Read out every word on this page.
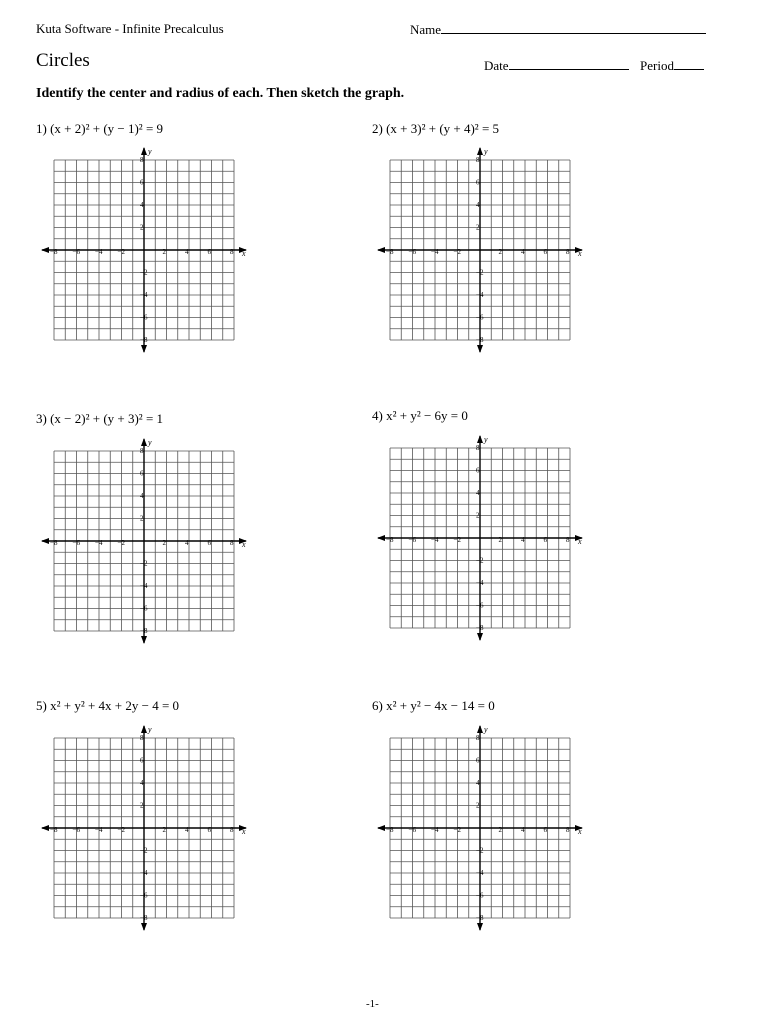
Kuta Software - Infinite Precalculus	Name
Circles	Date	Period
Identify the center and radius of each. Then sketch the graph.
1) (x + 2)² + (y − 1)² = 9	2) (x + 3)² + (y + 4)² = 5
3) (x − 2)² + (y + 3)² = 1	4) x² + y² − 6y = 0
5) x² + y² + 4x + 2y − 4 = 0	6) x² + y² − 4x − 14 = 0
x
y
−8 −6 −4 −2	2	4	6	8
8
6
4
2
−2
−4
−6
−8
x
y
−8 −6 −4 −2	2	4	6	8
8
6
4
2
−2
−4
−6
−8
x
y
−8 −6 −4 −2	2	4	6	8
8
6
4
2
−2
−4
−6
−8
x
y
−8 −6 −4 −2	2	4	6	8
8
6
4
2
−2
−4
−6
−8
x
y
−8 −6 −4 −2	2	4	6	8
8
6
4
2
−2
−4
−6
−8
x
y
−8 −6 −4 −2	2	4	6	8
8
6
4
2
−2
−4
−6
−8
-1-
